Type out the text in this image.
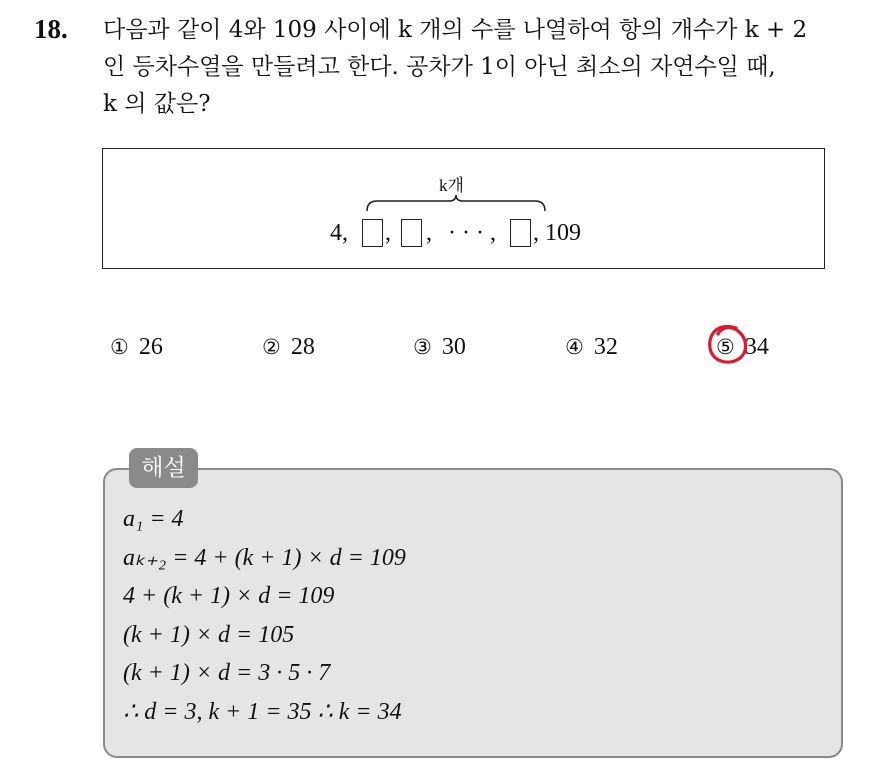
18. 다음과 같이 4와 109 사이에 k 개의 수를 나열하여 항의 개수가 k + 2
인 등차수열을 만들려고 한다. 공차가 1이 아닌 최소의 자연수일 때,
k 의 값은?

k개
4, , , · · · , , 109
① 26	② 28	③ 30	④ 32	⑤ 34
해설
a₁ = 4
aₖ₊₂ = 4 + (k + 1) × d = 109
4 + (k + 1) × d = 109
(k + 1) × d = 105
(k + 1) × d = 3 · 5 · 7
∴ d = 3, k + 1 = 35 ∴ k = 34
